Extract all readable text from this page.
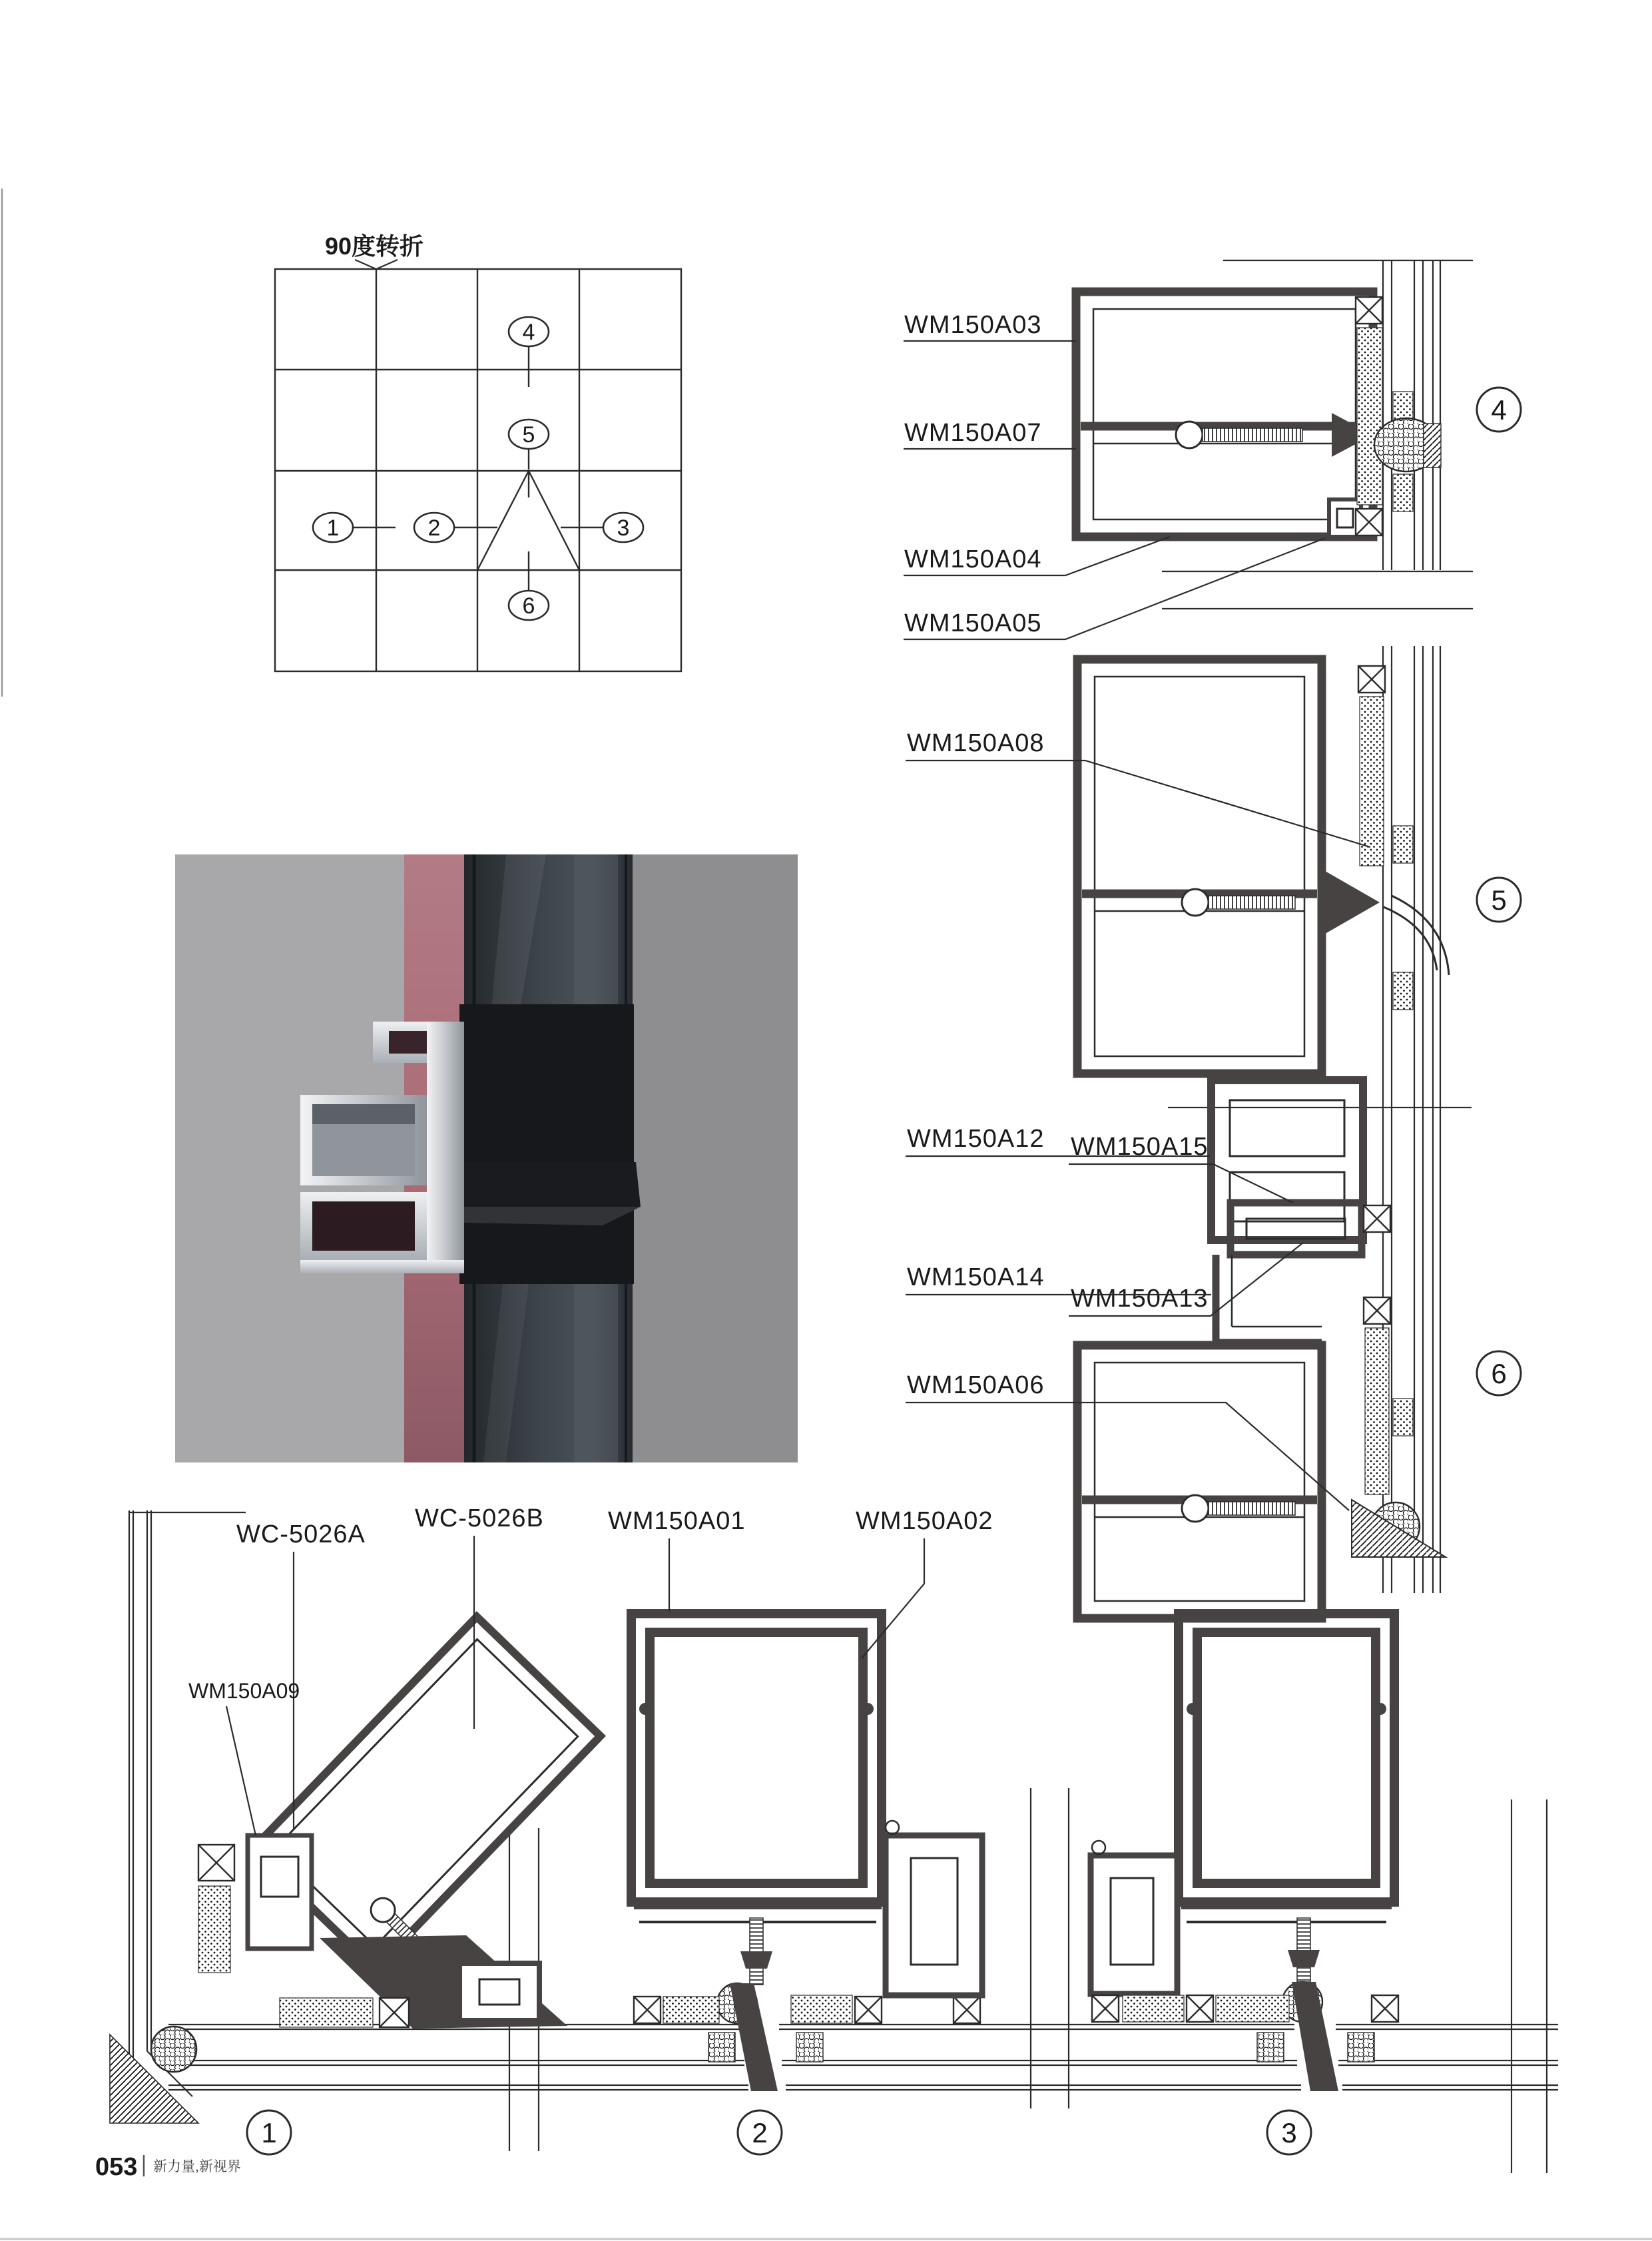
90度转折
4
5
1	2	3
6
4
5
6
WM150A03
WM150A07
WM150A04
WM150A05
WM150A08
WM150A12
WM150A13
WM150A15
WM150A14
WM150A06
1	2	3
WC-5026A
WC-5026B	WM150A01	WM150A02
WM150A09
053 新力量,新视界
